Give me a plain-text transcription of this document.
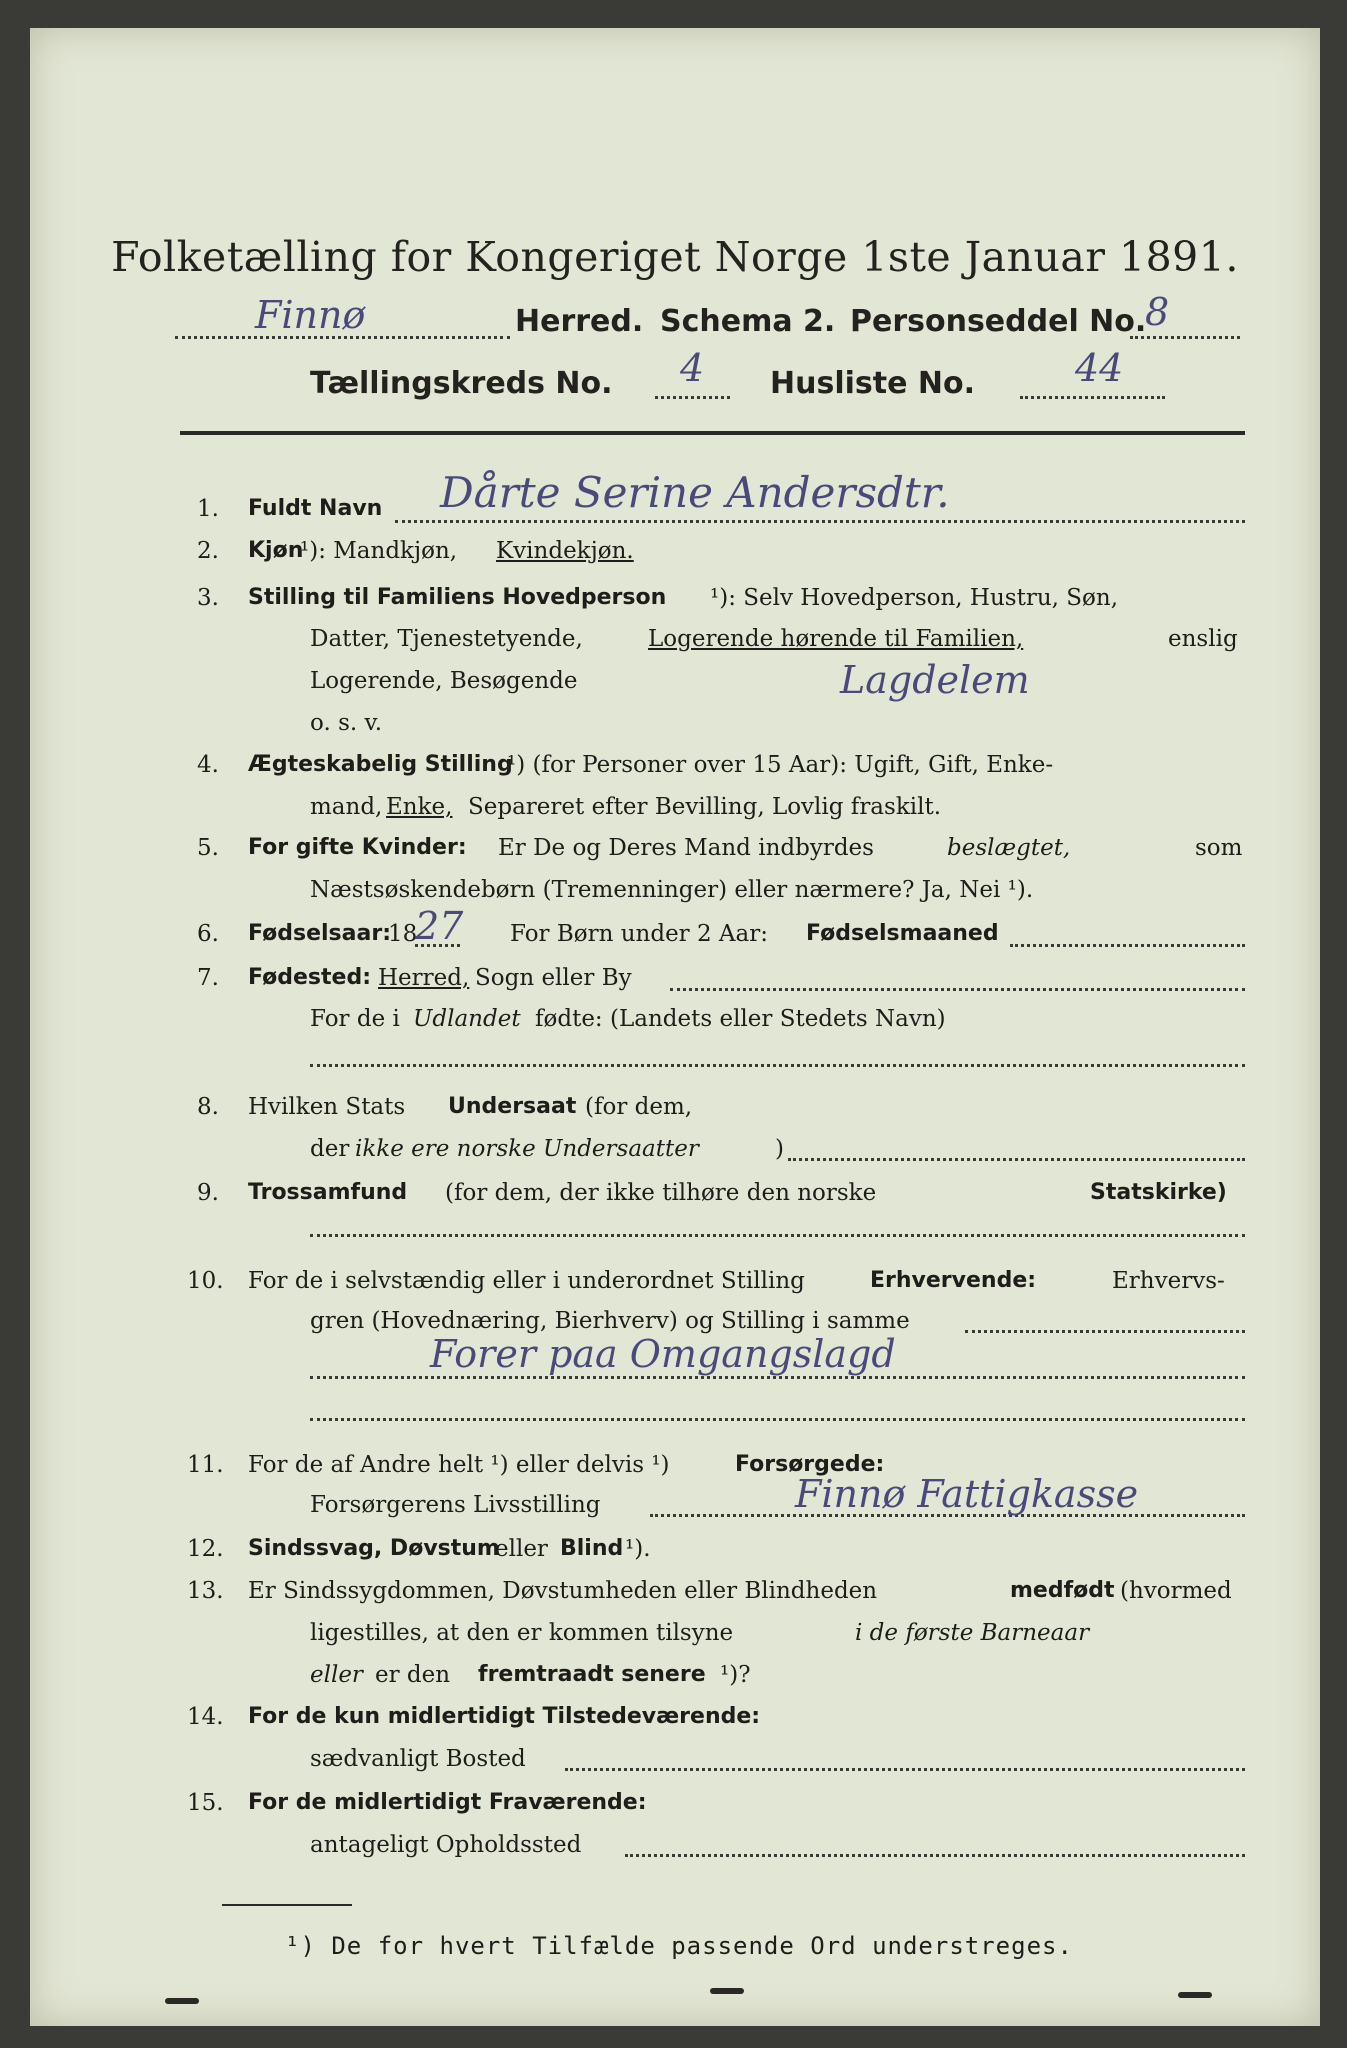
Folketælling for Kongeriget Norge 1ste Januar 1891.
Finnø	Herred. Schema 2. Personseddel No.
8
Tællingskreds No. 4 Husliste No.	44
1. Fuldt Navn Dårte Serine Andersdtr.
2. Kjøn
¹): Mandkjøn, Kvindekjøn.
3. Stilling til Familiens Hovedperson ¹): Selv Hovedperson, Hustru, Søn,
Datter, Tjenestetyende,	Logerende hørende til Familien,	enslig
Logerende, Besøgende	Lagdelem
o. s. v.
4. Ægteskabelig Stilling
¹) (for Personer over 15 Aar): Ugift, Gift, Enke-
mand, Enke, Separeret efter Bevilling, Lovlig fraskilt.
5. For gifte Kvinder: Er De og Deres Mand indbyrdes	beslægtet,	som
Næstsøskendebørn (Tremenninger) eller nærmere? Ja, Nei ¹).
6. Fødselsaar:
18
27 For Børn under 2 Aar: Fødselsmaaned
7. Fødested: Herred, Sogn eller By
For de i Udlandet fødte: (Landets eller Stedets Navn)
8. Hvilken Stats Undersaat (for dem,
der ikke ere norske Undersaatter	)
9. Trossamfund (for dem, der ikke tilhøre den norske	Statskirke)
10. For de i selvstændig eller i underordnet Stilling	Erhvervende:	Erhvervs-
gren (Hovednæring, Bierhverv) og Stilling i samme
Forer paa Omgangslagd
11. For de af Andre helt ¹) eller delvis ¹)	Forsørgede:
Forsørgerens Livsstilling	Finnø Fattigkasse
12. Sindssvag, Døvstum
eller Blind ¹).
13. Er Sindssygdommen, Døvstumheden eller Blindheden	medfødt (hvormed
ligestilles, at den er kommen tilsyne	i de første Barneaar
eller er den fremtraadt senere ¹)?
14. For de kun midlertidigt Tilstedeværende:
sædvanligt Bosted
15. For de midlertidigt Fraværende:
antageligt Opholdssted
¹) De for hvert Tilfælde passende Ord understreges.
